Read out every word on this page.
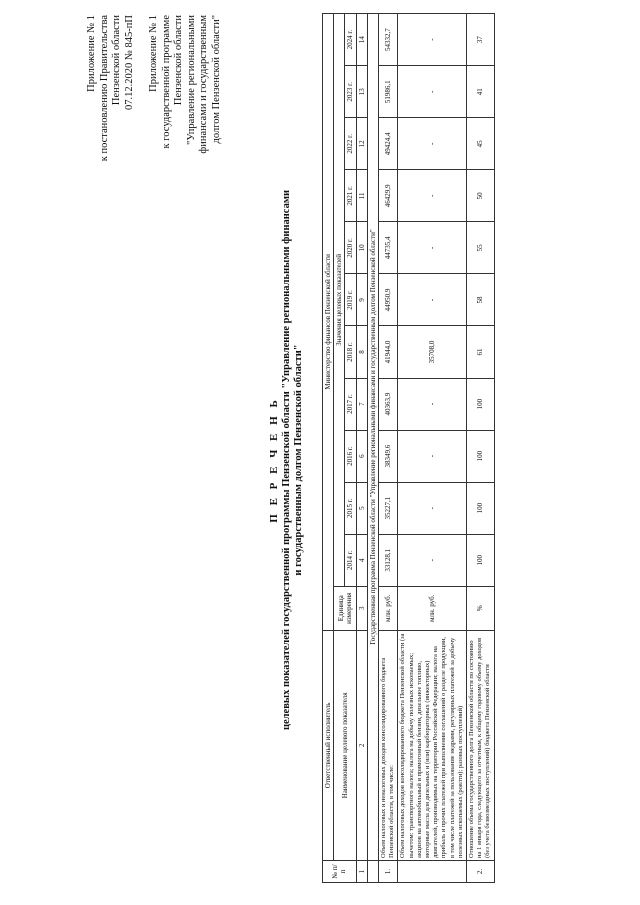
Приложение № 1 к постановлению Правительства Пензенской области 07.12.2020 № 845-пП Приложение № 1 к государственной программе Пензенской области "Управление региональными финансами и государственным долгом Пензенской области"
П Е Р Е Ч Е Н Ь целевых показателей государственной программы Пензенской области "Управление региональными финансами и государственным долгом Пензенской области"
№ п/п	Ответственный исполнитель	Министерство финансов Пензенской области											
	Наименование целевого показателя	Единица измерения	Значения целевых показателей										
			2014 г.	2015 г.	2016 г.	2017 г.	2018 г.	2019 г.	2020 г.	2021 г.	2022 г.	2023 г.	2024 г.
1	2	3	4	5	6	7	8	9	10	11	12	13	14
	Государственная программа Пензенской области "Управление региональными финансами и государственным долгом Пензенской области"												
1.	Объем налоговых и неналоговых доходов консолидированного бюджета Пензенской области, в том числе:	млн. руб.	33128,1	35227,1	38349,6	40363,9	41944,0	44950,9	44735,4	46429,9	49424,4	51986,1	54332,7
	Объем налоговых доходов консолидированного бюджета Пензенской области (за вычетом: транспортного налога; налога на добычу полезных ископаемых; акцизов на автомобильный и прямогонный бензин, дизельное топливо, моторные масла для дизельных и (или) карбюраторных (инжекторных) двигателей, производимых на территории Российской Федерации; налога на прибыль и прочих платежей при выполнении соглашений о разделе продукции, в том числе платежей за пользование недрами, регулярных платежей за добычу полезных ископаемых (роялти); разовых поступлений)	млн. руб.	-	-	-	-	35708,0	-	-	-	-	-	-
2.	Отношение объема государственного долга Пензенской области по состоянию на 1 января года, следующего за отчетным, к общему годовому объему доходов (без учета безвозмездных поступлений) бюджета Пензенской области	%	100	100	100	100	61	58	55	50	45	41	37
